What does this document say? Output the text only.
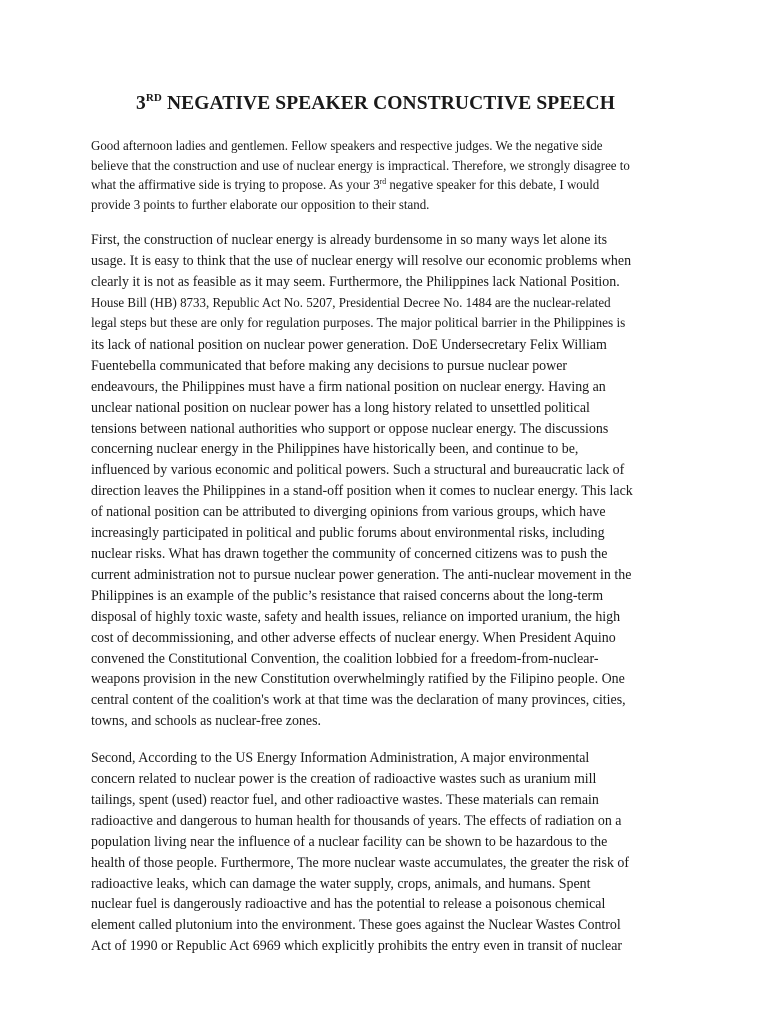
3RD NEGATIVE SPEAKER CONSTRUCTIVE SPEECH
Good afternoon ladies and gentlemen. Fellow speakers and respective judges. We the negative side
believe that the construction and use of nuclear energy is impractical. Therefore, we strongly disagree to
what the affirmative side is trying to propose. As your 3rd negative speaker for this debate, I would
provide 3 points to further elaborate our opposition to their stand.
First, the construction of nuclear energy is already burdensome in so many ways let alone its
usage. It is easy to think that the use of nuclear energy will resolve our economic problems when
clearly it is not as feasible as it may seem. Furthermore, the Philippines lack National Position.
House Bill (HB) 8733, Republic Act No. 5207, Presidential Decree No. 1484 are the nuclear-related
legal steps but these are only for regulation purposes. The major political barrier in the Philippines is
its lack of national position on nuclear power generation. DoE Undersecretary Felix William
Fuentebella communicated that before making any decisions to pursue nuclear power
endeavours, the Philippines must have a firm national position on nuclear energy. Having an
unclear national position on nuclear power has a long history related to unsettled political
tensions between national authorities who support or oppose nuclear energy. The discussions
concerning nuclear energy in the Philippines have historically been, and continue to be,
influenced by various economic and political powers. Such a structural and bureaucratic lack of
direction leaves the Philippines in a stand-off position when it comes to nuclear energy. This lack
of national position can be attributed to diverging opinions from various groups, which have
increasingly participated in political and public forums about environmental risks, including
nuclear risks. What has drawn together the community of concerned citizens was to push the
current administration not to pursue nuclear power generation. The anti-nuclear movement in the
Philippines is an example of the public’s resistance that raised concerns about the long-term
disposal of highly toxic waste, safety and health issues, reliance on imported uranium, the high
cost of decommissioning, and other adverse effects of nuclear energy. When President Aquino
convened the Constitutional Convention, the coalition lobbied for a freedom-from-nuclear-
weapons provision in the new Constitution overwhelmingly ratified by the Filipino people. One
central content of the coalition's work at that time was the declaration of many provinces, cities,
towns, and schools as nuclear-free zones.
Second, According to the US Energy Information Administration, A major environmental
concern related to nuclear power is the creation of radioactive wastes such as uranium mill
tailings, spent (used) reactor fuel, and other radioactive wastes. These materials can remain
radioactive and dangerous to human health for thousands of years. The effects of radiation on a
population living near the influence of a nuclear facility can be shown to be hazardous to the
health of those people. Furthermore, The more nuclear waste accumulates, the greater the risk of
radioactive leaks, which can damage the water supply, crops, animals, and humans. Spent
nuclear fuel is dangerously radioactive and has the potential to release a poisonous chemical
element called plutonium into the environment. These goes against the Nuclear Wastes Control
Act of 1990 or Republic Act 6969 which explicitly prohibits the entry even in transit of nuclear
